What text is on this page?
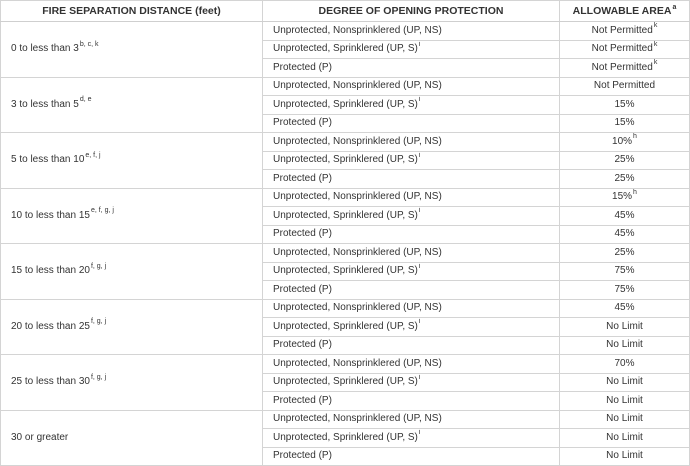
FIRE SEPARATION DISTANCE (feet)	DEGREE OF OPENING PROTECTION	ALLOWABLE AREA$^a$
0 to less than 3$^{b, c, k}$	Unprotected, Nonsprinklered (UP, NS)	Not Permitted$^k$
	Unprotected, Sprinklered (UP, S)$^i$	Not Permitted$^k$
	Protected (P)	Not Permitted$^k$
3 to less than 5$^{d, e}$	Unprotected, Nonsprinklered (UP, NS)	Not Permitted
	Unprotected, Sprinklered (UP, S)$^i$	15%
	Protected (P)	15%
5 to less than 10$^{e, f, j}$	Unprotected, Nonsprinklered (UP, NS)	10%$^h$
	Unprotected, Sprinklered (UP, S)$^i$	25%
	Protected (P)	25%
10 to less than 15$^{e, f, g, j}$	Unprotected, Nonsprinklered (UP, NS)	15%$^h$
	Unprotected, Sprinklered (UP, S)$^i$	45%
	Protected (P)	45%
15 to less than 20$^{f, g, j}$	Unprotected, Nonsprinklered (UP, NS)	25%
	Unprotected, Sprinklered (UP, S)$^i$	75%
	Protected (P)	75%
20 to less than 25$^{f, g, j}$	Unprotected, Nonsprinklered (UP, NS)	45%
	Unprotected, Sprinklered (UP, S)$^i$	No Limit
	Protected (P)	No Limit
25 to less than 30$^{f, g, j}$	Unprotected, Nonsprinklered (UP, NS)	70%
	Unprotected, Sprinklered (UP, S)$^i$	No Limit
	Protected (P)	No Limit
30 or greater	Unprotected, Nonsprinklered (UP, NS)	No Limit
	Unprotected, Sprinklered (UP, S)$^i$	No Limit
	Protected (P)	No Limit
